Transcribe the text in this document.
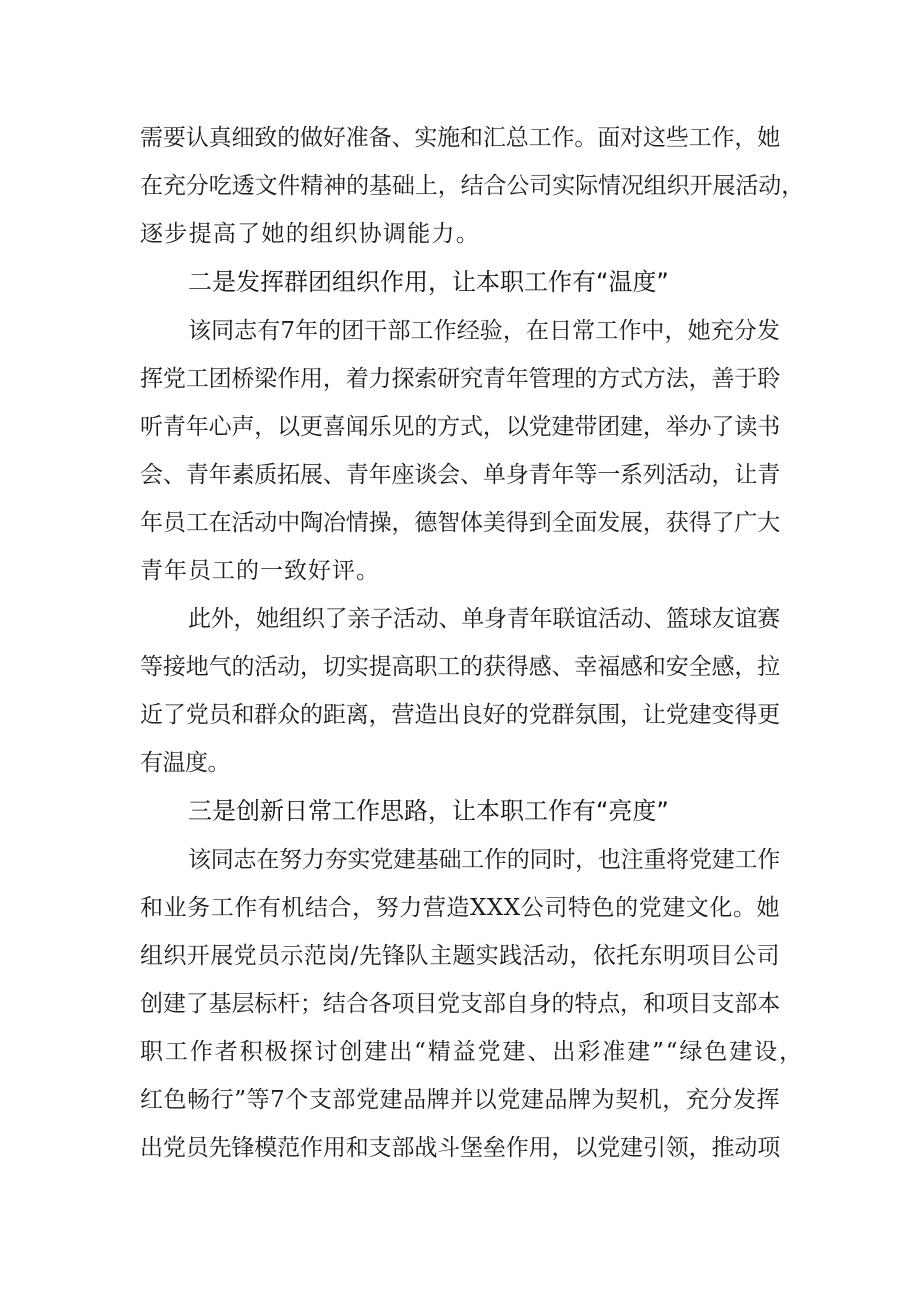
需要认真细致的做好准备、实施和汇总工作。面对这些工作，她
在充分吃透文件精神的基础上，结合公司实际情况组织开展活动，
逐步提高了她的组织协调能力。
二是发挥群团组织作用，让本职工作有“温度”
该同志有7年的团干部工作经验，在日常工作中，她充分发
挥党工团桥梁作用，着力探索研究青年管理的方式方法，善于聆
听青年心声，以更喜闻乐见的方式，以党建带团建，举办了读书
会、青年素质拓展、青年座谈会、单身青年等一系列活动，让青
年员工在活动中陶冶情操，德智体美得到全面发展，获得了广大
青年员工的一致好评。
此外，她组织了亲子活动、单身青年联谊活动、篮球友谊赛
等接地气的活动，切实提高职工的获得感、幸福感和安全感，拉
近了党员和群众的距离，营造出良好的党群氛围，让党建变得更
有温度。
三是创新日常工作思路，让本职工作有“亮度”
该同志在努力夯实党建基础工作的同时，也注重将党建工作
和业务工作有机结合，努力营造XXX公司特色的党建文化。她
组织开展党员示范岗/先锋队主题实践活动，依托东明项目公司
创建了基层标杆；结合各项目党支部自身的特点，和项目支部本
职工作者积极探讨创建出“精益党建、出彩准建”“绿色建设，
红色畅行”等7个支部党建品牌并以党建品牌为契机，充分发挥
出党员先锋模范作用和支部战斗堡垒作用，以党建引领，推动项
